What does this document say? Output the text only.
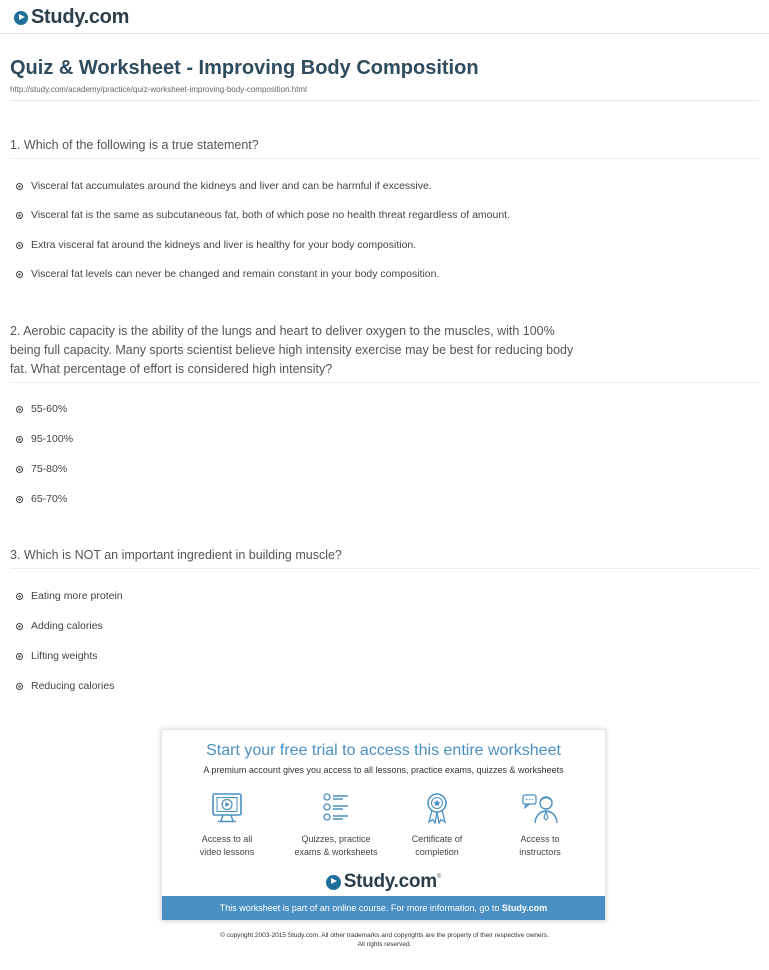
Study.com
Quiz & Worksheet - Improving Body Composition
http://study.com/academy/practice/quiz-worksheet-improving-body-composition.html
1. Which of the following is a true statement?
Visceral fat accumulates around the kidneys and liver and can be harmful if excessive.
Visceral fat is the same as subcutaneous fat, both of which pose no health threat regardless of amount.
Extra visceral fat around the kidneys and liver is healthy for your body composition.
Visceral fat levels can never be changed and remain constant in your body composition.
2. Aerobic capacity is the ability of the lungs and heart to deliver oxygen to the muscles, with 100%
being full capacity. Many sports scientist believe high intensity exercise may be best for reducing body
fat. What percentage of effort is considered high intensity?
55-60%
95-100%
75-80%
65-70%
3. Which is NOT an important ingredient in building muscle?
Eating more protein
Adding calories
Lifting weights
Reducing calories
Start your free trial to access this entire worksheet
A premium account gives you access to all lessons, practice exams, quizzes & worksheets
Access to all
video lessons
Quizzes, practice
exams & worksheets
Certificate of
completion
Access to
instructors
Study.com ®
This worksheet is part of an online course. For more information, go to Study.com
© copyright 2003-2015 Study.com. All other trademarks and copyrights are the property of their respective owners.
All rights reserved.
